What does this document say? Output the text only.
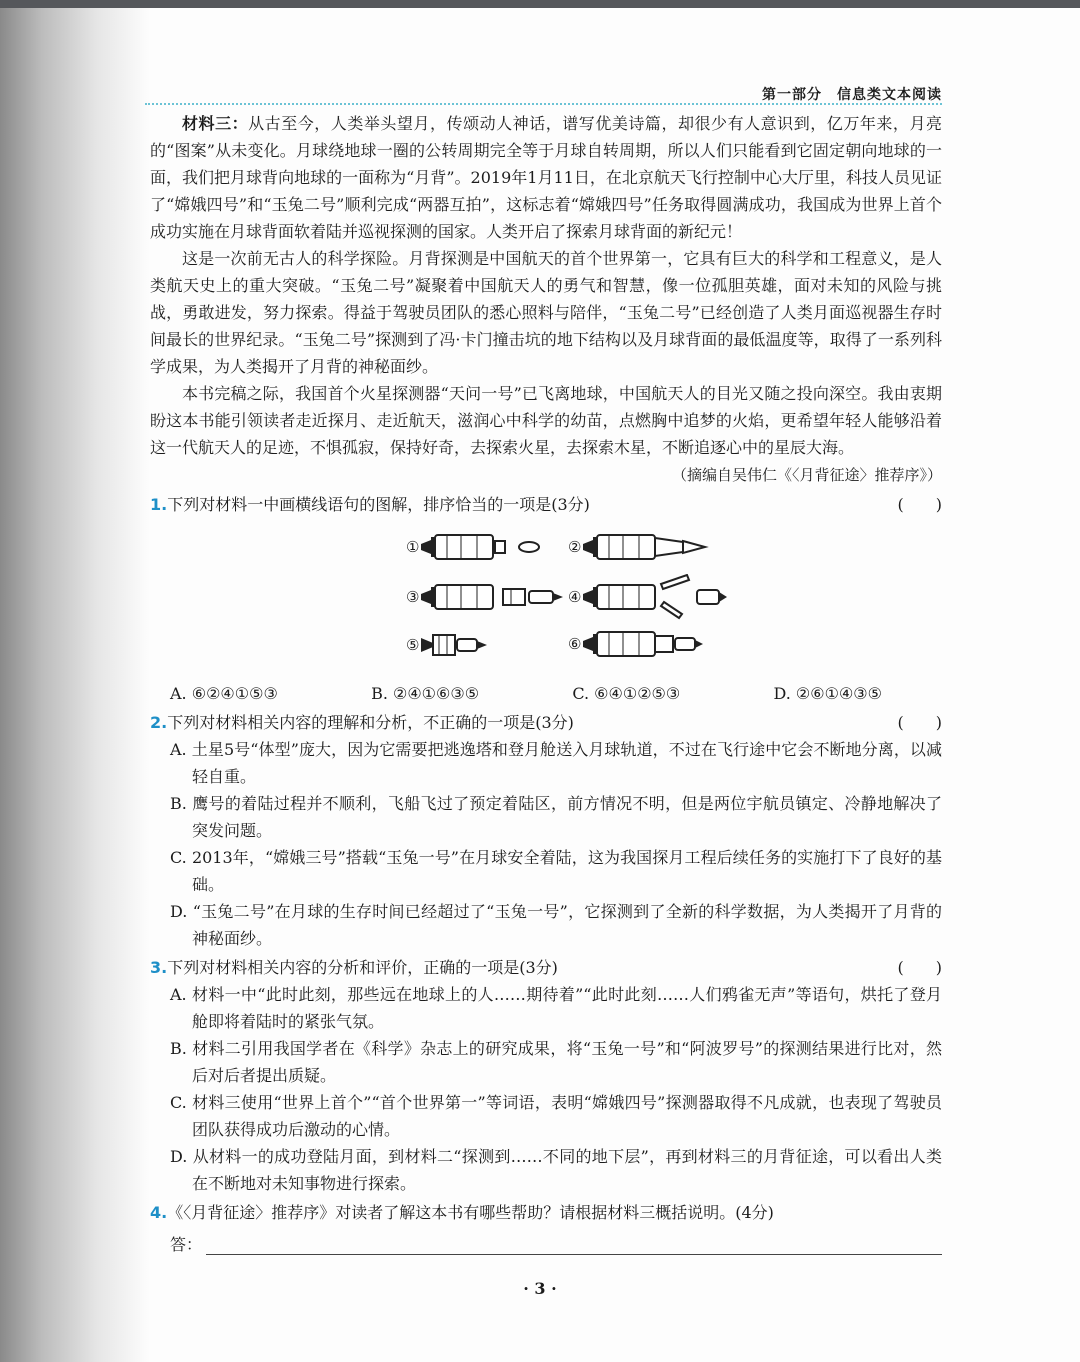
第一部分　信息类文本阅读

材料三：从古至今，人类举头望月，传颂动人神话，谱写优美诗篇，却很少有人意识到，亿万年来，月亮的“图案”从未变化。月球绕地球一圈的公转周期完全等于月球自转周期，所以人们只能看到它固定朝向地球的一面，我们把月球背向地球的一面称为“月背”。2019年1月11日，在北京航天飞行控制中心大厅里，科技人员见证了“嫦娥四号”和“玉兔二号”顺利完成“两器互拍”，这标志着“嫦娥四号”任务取得圆满成功，我国成为世界上首个成功实施在月球背面软着陆并巡视探测的国家。人类开启了探索月球背面的新纪元！

这是一次前无古人的科学探险。月背探测是中国航天的首个世界第一，它具有巨大的科学和工程意义，是人类航天史上的重大突破。“玉兔二号”凝聚着中国航天人的勇气和智慧，像一位孤胆英雄，面对未知的风险与挑战，勇敢进发，努力探索。得益于驾驶员团队的悉心照料与陪伴，“玉兔二号”已经创造了人类月面巡视器生存时间最长的世界纪录。“玉兔二号”探测到了冯·卡门撞击坑的地下结构以及月球背面的最低温度等，取得了一系列科学成果，为人类揭开了月背的神秘面纱。

本书完稿之际，我国首个火星探测器“天问一号”已飞离地球，中国航天人的目光又随之投向深空。我由衷期盼这本书能引领读者走近探月、走近航天，滋润心中科学的幼苗，点燃胸中追梦的火焰，更希望年轻人能够沿着这一代航天人的足迹，不惧孤寂，保持好奇，去探索火星，去探索木星，不断追逐心中的星辰大海。

（摘编自吴伟仁《〈月背征途〉推荐序》）
1.下列对材料一中画横线语句的图解，排序恰当的一项是(3分)	(　　)
①	②
③	④
⑤	⑥
A. ⑥②④①⑤③	B. ②④①⑥③⑤	C. ⑥④①②⑤③	D. ②⑥①④③⑤
2.下列对材料相关内容的理解和分析，不正确的一项是(3分)	(　　)
A. 土星5号“体型”庞大，因为它需要把逃逸塔和登月舱送入月球轨道，不过在飞行途中它会不断地分离，以减轻自重。
B. 鹰号的着陆过程并不顺利，飞船飞过了预定着陆区，前方情况不明，但是两位宇航员镇定、冷静地解决了突发问题。
C. 2013年，“嫦娥三号”搭载“玉兔一号”在月球安全着陆，这为我国探月工程后续任务的实施打下了良好的基础。
D. “玉兔二号”在月球的生存时间已经超过了“玉兔一号”，它探测到了全新的科学数据，为人类揭开了月背的神秘面纱。
3.下列对材料相关内容的分析和评价，正确的一项是(3分)	(　　)
A. 材料一中“此时此刻，那些远在地球上的人……期待着”“此时此刻……人们鸦雀无声”等语句，烘托了登月舱即将着陆时的紧张气氛。
B. 材料二引用我国学者在《科学》杂志上的研究成果，将“玉兔一号”和“阿波罗号”的探测结果进行比对，然后对后者提出质疑。
C. 材料三使用“世界上首个”“首个世界第一”等词语，表明“嫦娥四号”探测器取得不凡成就，也表现了驾驶员团队获得成功后激动的心情。
D. 从材料一的成功登陆月面，到材料二“探测到……不同的地下层”，再到材料三的月背征途，可以看出人类在不断地对未知事物进行探索。
4.《〈月背征途〉推荐序》对读者了解这本书有哪些帮助？请根据材料三概括说明。(4分)
答：
· 3 ·
